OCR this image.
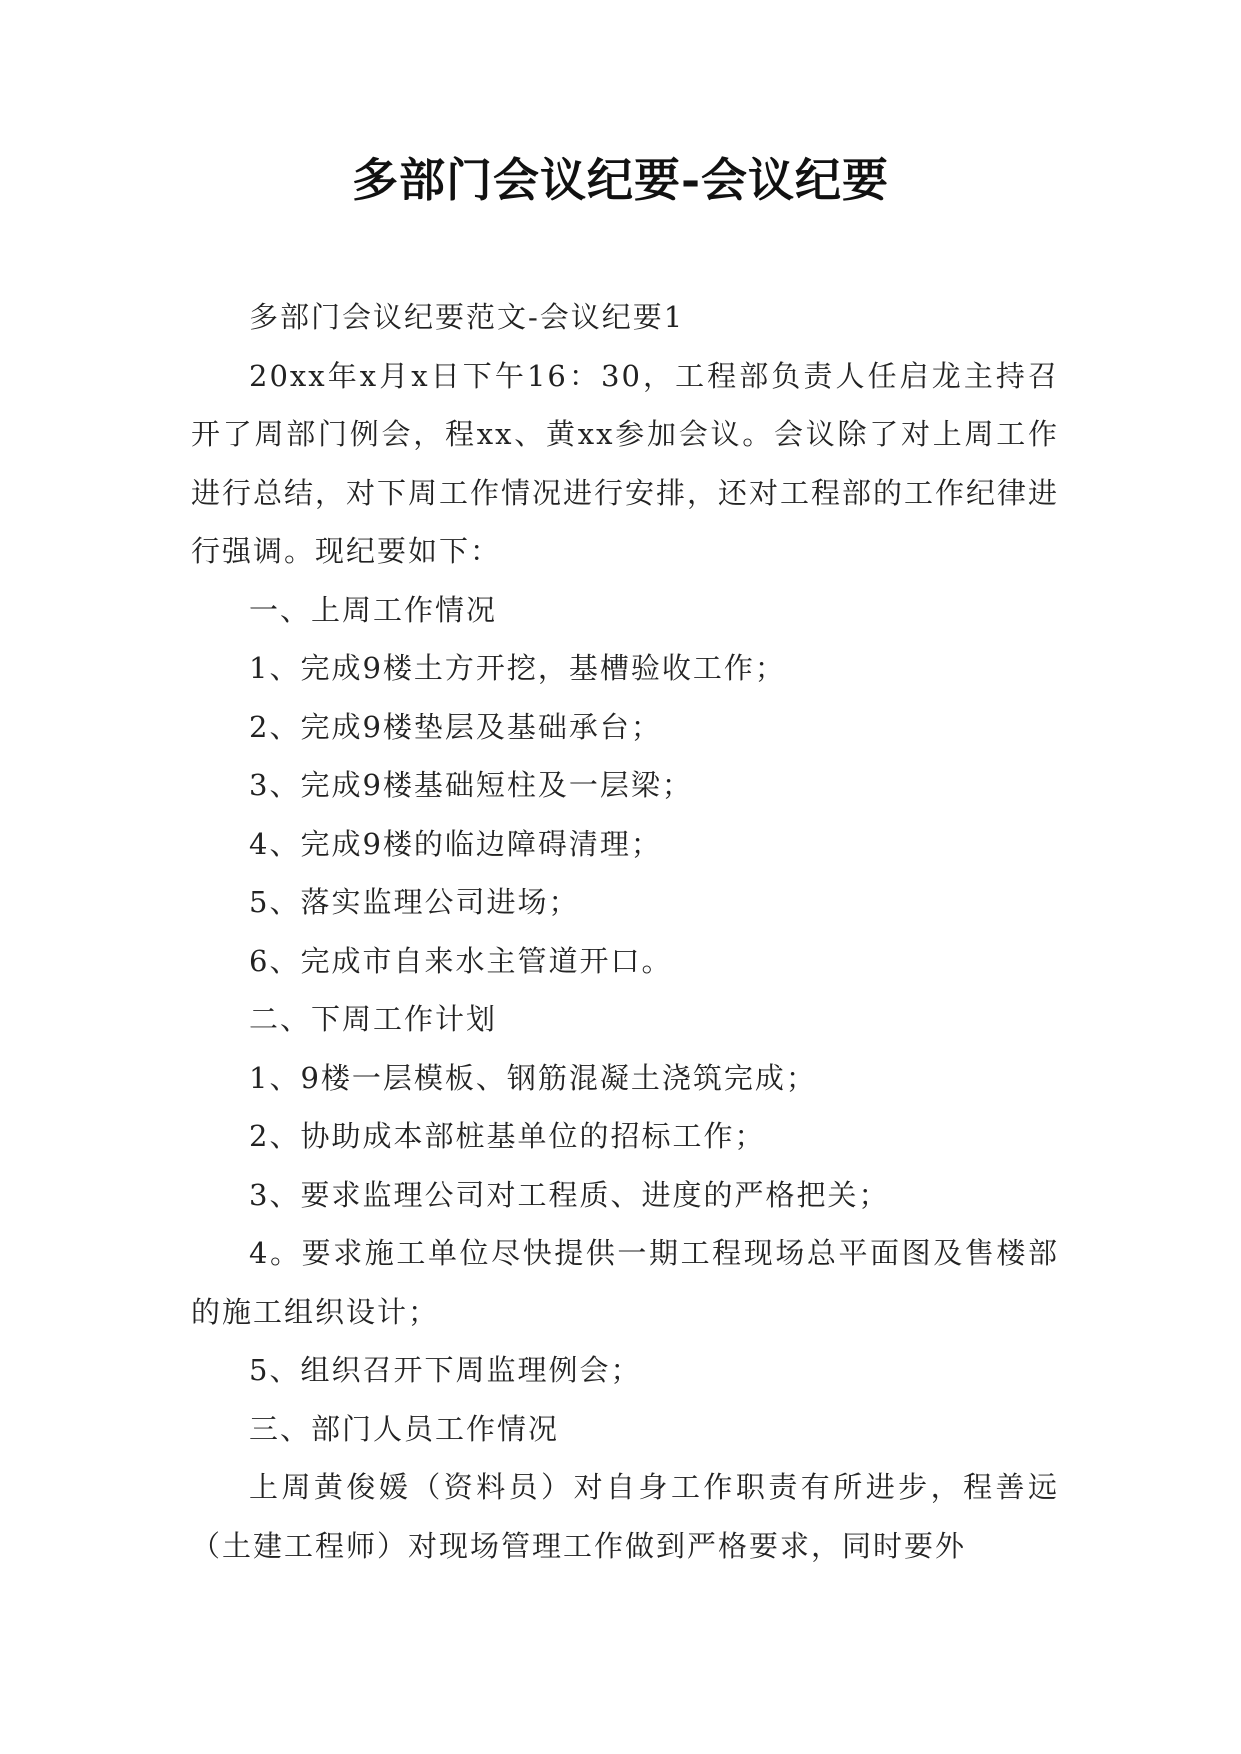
多部门会议纪要-会议纪要

多部门会议纪要范文-会议纪要1

20xx年x月x日下午16：30，工程部负责人任启龙主持召开了周部门例会，程xx、黄xx参加会议。会议除了对上周工作进行总结，对下周工作情况进行安排，还对工程部的工作纪律进行强调。现纪要如下：

一、上周工作情况

1、完成9楼土方开挖，基槽验收工作；

2、完成9楼垫层及基础承台；

3、完成9楼基础短柱及一层梁；

4、完成9楼的临边障碍清理；

5、落实监理公司进场；

6、完成市自来水主管道开口。

二、下周工作计划

1、9楼一层模板、钢筋混凝土浇筑完成；

2、协助成本部桩基单位的招标工作；

3、要求监理公司对工程质、进度的严格把关；

4。要求施工单位尽快提供一期工程现场总平面图及售楼部的施工组织设计；

5、组织召开下周监理例会；

三、部门人员工作情况

上周黄俊媛（资料员）对自身工作职责有所进步，程善远（土建工程师）对现场管理工作做到严格要求，同时要外
